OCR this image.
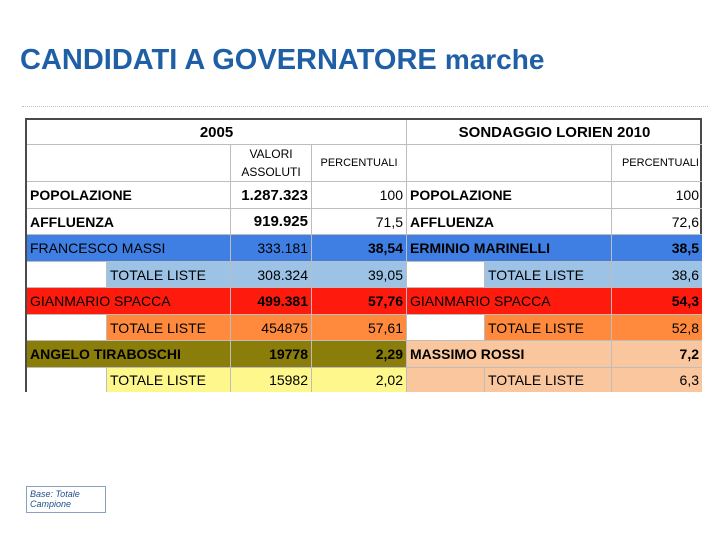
CANDIDATI A GOVERNATORE marche
2005	SONDAGGIO LORIEN 2010
VALORI
ASSOLUTI
PERCENTUALI	PERCENTUALI
POPOLAZIONE	1.287.323	100 POPOLAZIONE	100
AFFLUENZA	919.925	71,5 AFFLUENZA	72,6
FRANCESCO MASSI	333.181	38,54 ERMINIO MARINELLI	38,5
TOTALE LISTE	308.324	39,05	TOTALE LISTE	38,6
GIANMARIO SPACCA	499.381	57,76 GIANMARIO SPACCA	54,3
TOTALE LISTE	454875	57,61	TOTALE LISTE	52,8
ANGELO TIRABOSCHI	19778	2,29 MASSIMO ROSSI	7,2
TOTALE LISTE	15982	2,02	TOTALE LISTE	6,3
Base: Totale
Campione
